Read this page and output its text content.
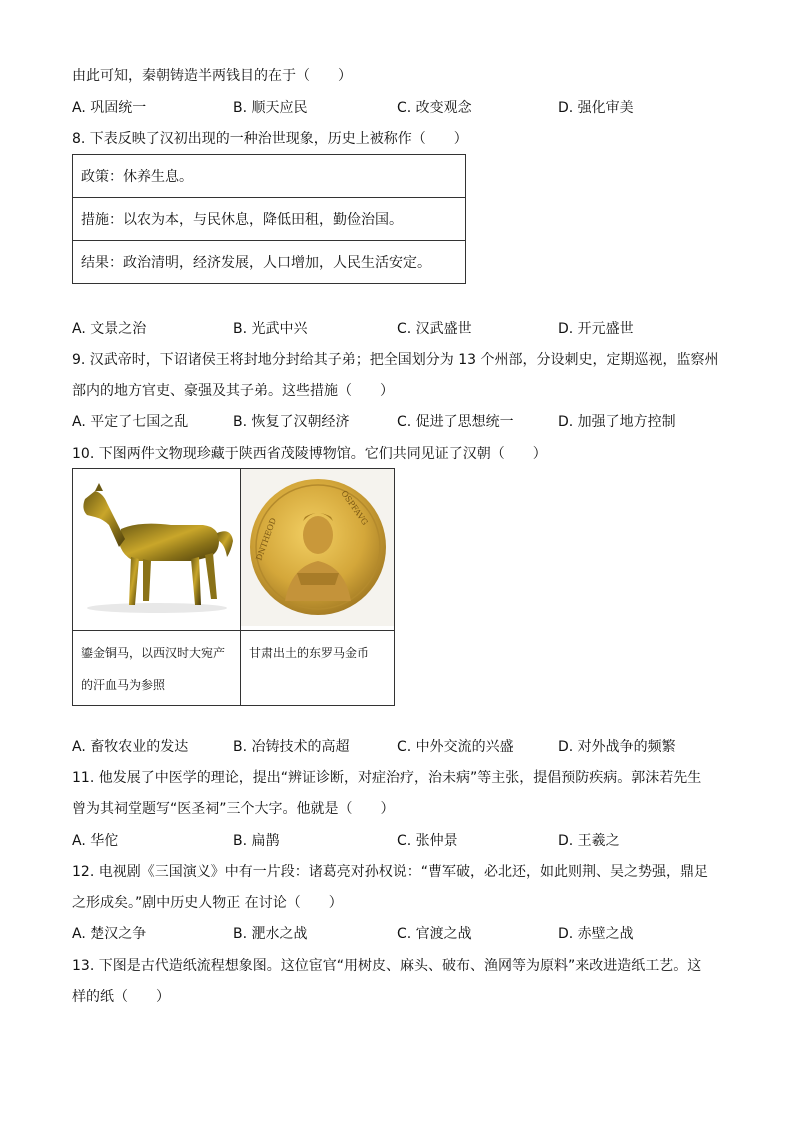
由此可知，秦朝铸造半两钱目的在于（　　）
A. 巩固统一	B. 顺天应民	C. 改变观念	D. 强化审美
8. 下表反映了汉初出现的一种治世现象，历史上被称作（　　）
政策：休养生息。
措施：以农为本，与民休息，降低田租，勤俭治国。
结果：政治清明，经济发展，人口增加，人民生活安定。
A. 文景之治	B. 光武中兴	C. 汉武盛世	D. 开元盛世
9. 汉武帝时，下诏诸侯王将封地分封给其子弟；把全国划分为 13 个州部，分设刺史，定期巡视，监察州
部内的地方官吏、豪强及其子弟。这些措施（　　）
A. 平定了七国之乱	B. 恢复了汉朝经济	C. 促进了思想统一	D. 加强了地方控制
10. 下图两件文物现珍藏于陕西省茂陵博物馆。它们共同见证了汉朝（　　）

DNTHEOD
OSPFAVG

鎏金铜马，以西汉时大宛产的汗血马为参照	甘肃出土的东罗马金币
A. 畜牧农业的发达	B. 冶铸技术的高超	C. 中外交流的兴盛	D. 对外战争的频繁
11. 他发展了中医学的理论，提出“辨证诊断，对症治疗，治未病”等主张，提倡预防疾病。郭沫若先生
曾为其祠堂题写“医圣祠”三个大字。他就是（　　）
A. 华佗	B. 扁鹊	C. 张仲景	D. 王羲之
12. 电视剧《三国演义》中有一片段：诸葛亮对孙权说：“曹军破，必北还，如此则荆、吴之势强，鼎足
之形成矣。”剧中历史人物正 在讨论（　　）
A. 楚汉之争	B. 淝水之战	C. 官渡之战	D. 赤壁之战
13. 下图是古代造纸流程想象图。这位宦官“用树皮、麻头、破布、渔网等为原料”来改进造纸工艺。这
样的纸（　　）
